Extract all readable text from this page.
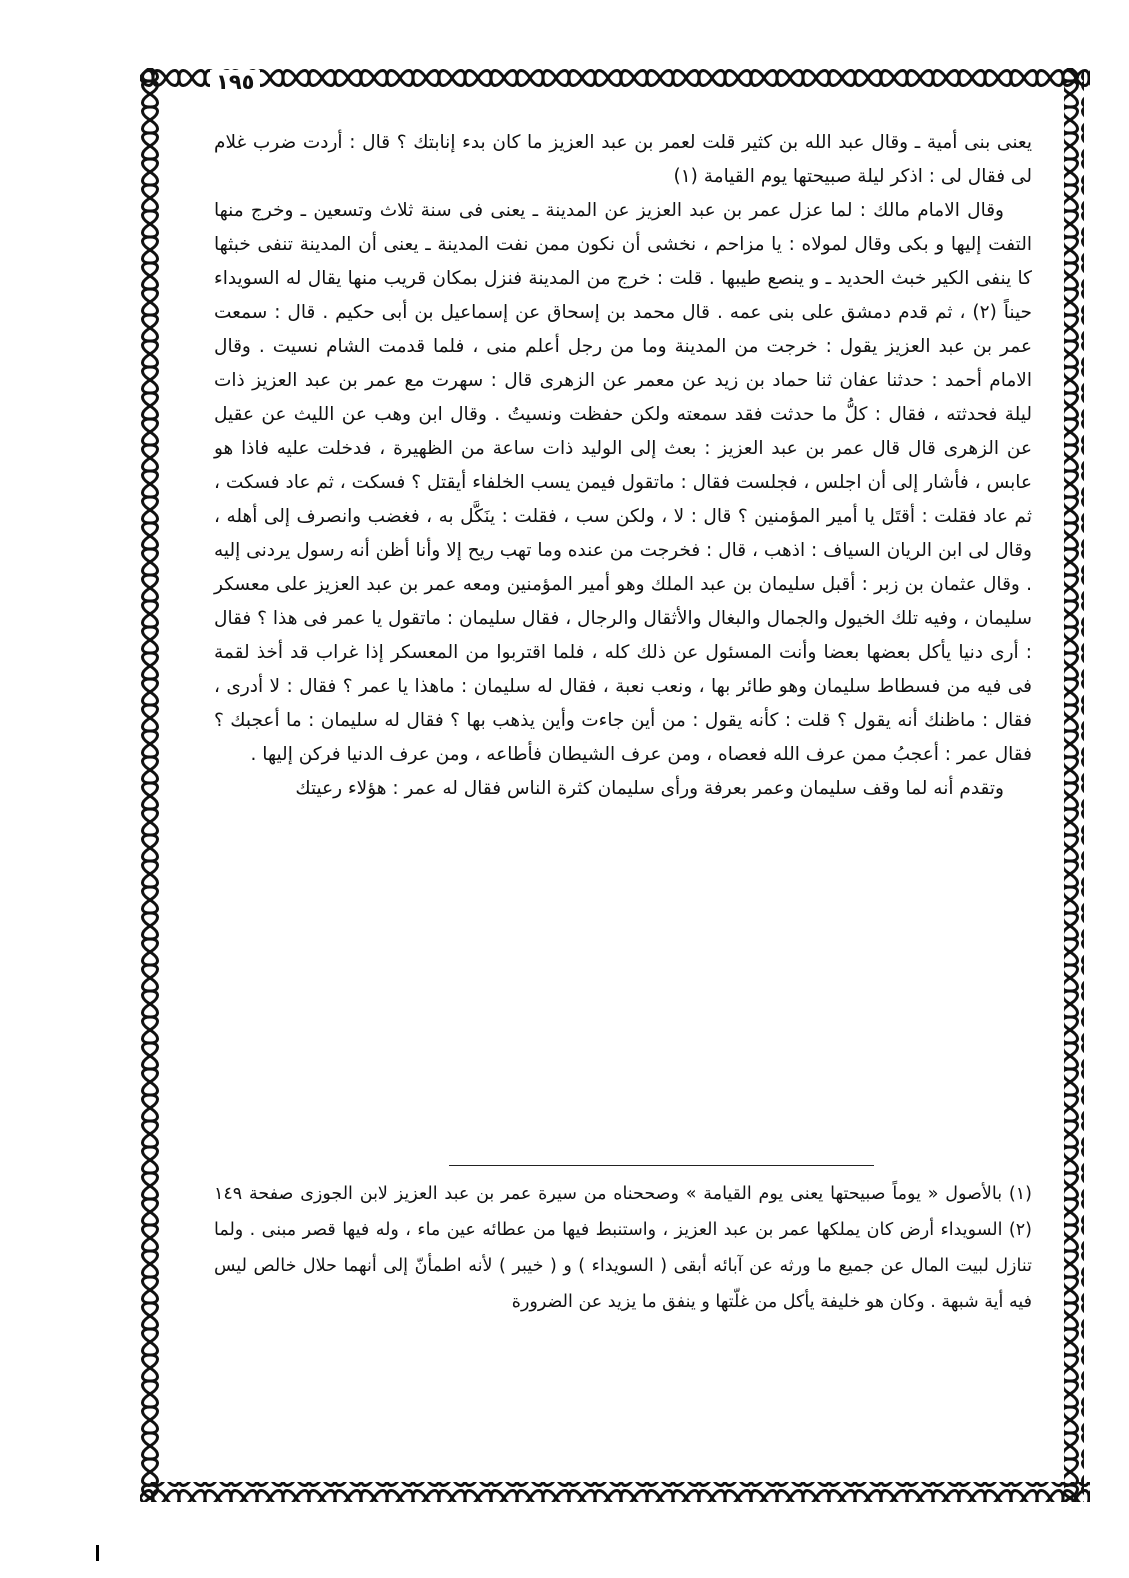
١٩٥

يعنى بنى أمية ـ وقال عبد الله بن كثير قلت لعمر بن عبد العزيز ما كان بدء إنابتك ؟ قال : أردت ضرب غلام لى فقال لى : اذكر ليلة صبيحتها يوم القيامة (١)

وقال الامام مالك : لما عزل عمر بن عبد العزيز عن المدينة ـ يعنى فى سنة ثلاث وتسعين ـ وخرج منها التفت إليها و بكى وقال لمولاه : يا مزاحم ، نخشى أن نكون ممن نفت المدينة ـ يعنى أن المدينة تنفى خبثها كا ينفى الكير خبث الحديد ـ و ينصع طيبها . قلت : خرج من المدينة فنزل بمكان قريب منها يقال له السويداء حيناً (٢) ، ثم قدم دمشق على بنى عمه . قال محمد بن إسحاق عن إسماعيل بن أبى حكيم . قال : سمعت عمر بن عبد العزيز يقول : خرجت من المدينة وما من رجل أعلم منى ، فلما قدمت الشام نسيت . وقال الامام أحمد : حدثنا عفان ثنا حماد بن زيد عن معمر عن الزهرى قال : سهرت مع عمر بن عبد العزيز ذات ليلة فحدثته ، فقال : كلُّ ما حدثت فقد سمعته ولكن حفظت ونسيتُ . وقال ابن وهب عن الليث عن عقيل عن الزهرى قال قال عمر بن عبد العزيز : بعث إلى الوليد ذات ساعة من الظهيرة ، فدخلت عليه فاذا هو عابس ، فأشار إلى أن اجلس ، فجلست فقال : ماتقول فيمن يسب الخلفاء أيقتل ؟ فسكت ، ثم عاد فسكت ، ثم عاد فقلت : أقتَل يا أمير المؤمنين ؟ قال : لا ، ولكن سب ، فقلت : ينَكَّل به ، فغضب وانصرف إلى أهله ، وقال لى ابن الريان السياف : اذهب ، قال : فخرجت من عنده وما تهب ريح إلا وأنا أظن أنه رسول يردنى إليه . وقال عثمان بن زبر : أقبل سليمان بن عبد الملك وهو أمير المؤمنين ومعه عمر بن عبد العزيز على معسكر سليمان ، وفيه تلك الخيول والجمال والبغال والأثقال والرجال ، فقال سليمان : ماتقول يا عمر فى هذا ؟ فقال : أرى دنيا يأكل بعضها بعضا وأنت المسئول عن ذلك كله ، فلما اقتربوا من المعسكر إذا غراب قد أخذ لقمة فى فيه من فسطاط سليمان وهو طائر بها ، ونعب نعبة ، فقال له سليمان : ماهذا يا عمر ؟ فقال : لا أدرى ، فقال : ماظنك أنه يقول ؟ قلت : كأنه يقول : من أين جاءت وأين يذهب بها ؟ فقال له سليمان : ما أعجبك ؟ فقال عمر : أعجبُ ممن عرف الله فعصاه ، ومن عرف الشيطان فأطاعه ، ومن عرف الدنيا فركن إليها .

وتقدم أنه لما وقف سليمان وعمر بعرفة ورأى سليمان كثرة الناس فقال له عمر : هؤلاء رعيتك

(١) بالأصول « يوماً صبيحتها يعنى يوم القيامة » وصححناه من سيرة عمر بن عبد العزيز لابن الجوزى صفحة ١٤٩ (٢) السويداء أرض كان يملكها عمر بن عبد العزيز ، واستنبط فيها من عطائه عين ماء ، وله فيها قصر مبنى . ولما تنازل لبيت المال عن جميع ما ورثه عن آبائه أبقى ( السويداء ) و ( خيبر ) لأنه اطمأنّ إلى أنهما حلال خالص ليس فيه أية شبهة . وكان هو خليفة يأكل من غلّتها و ينفق ما يزيد عن الضرورة
